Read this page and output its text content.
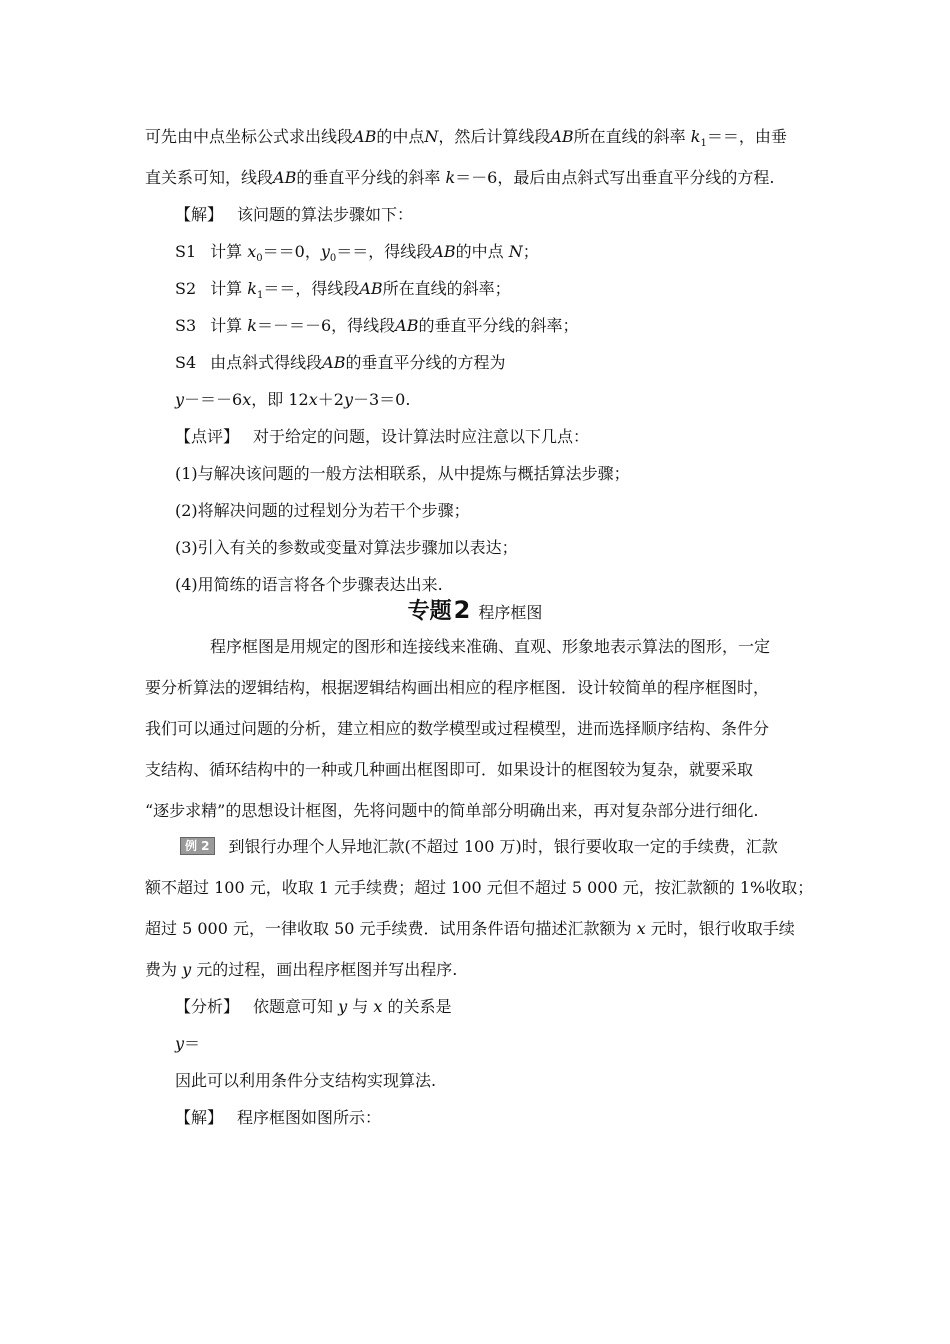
可先由中点坐标公式求出线段AB的中点N，然后计算线段AB所在直线的斜率 $k_1==$，由垂
直关系可知，线段AB的垂直平分线的斜率 k＝－6，最后由点斜式写出垂直平分线的方程.
【解】 该问题的算法步骤如下：
S1 计算 $x_0==0$，$y_0==$，得线段AB的中点 N；
S2 计算 $k_1==$，得线段AB所在直线的斜率；
S3 计算 k＝－＝－6，得线段AB的垂直平分线的斜率；
S4 由点斜式得线段AB的垂直平分线的方程为
y－＝－6x，即 12x＋2y－3＝0.
【点评】 对于给定的问题，设计算法时应注意以下几点：
(1)与解决该问题的一般方法相联系，从中提炼与概括算法步骤；
(2)将解决问题的过程划分为若干个步骤；
(3)引入有关的参数或变量对算法步骤加以表达；
(4)用简练的语言将各个步骤表达出来.
专题2 程序框图
程序框图是用规定的图形和连接线来准确、直观、形象地表示算法的图形，一定
要分析算法的逻辑结构，根据逻辑结构画出相应的程序框图．设计较简单的程序框图时，
我们可以通过问题的分析，建立相应的数学模型或过程模型，进而选择顺序结构、条件分
支结构、循环结构中的一种或几种画出框图即可．如果设计的框图较为复杂，就要采取
“逐步求精”的思想设计框图，先将问题中的简单部分明确出来，再对复杂部分进行细化.
例 2 到银行办理个人异地汇款(不超过 100 万)时，银行要收取一定的手续费，汇款
额不超过 100 元，收取 1 元手续费；超过 100 元但不超过 5 000 元，按汇款额的 1%收取；
超过 5 000 元，一律收取 50 元手续费．试用条件语句描述汇款额为 x 元时，银行收取手续
费为 y 元的过程，画出程序框图并写出程序.
【分析】 依题意可知 y 与 x 的关系是
y＝
因此可以利用条件分支结构实现算法.
【解】 程序框图如图所示：
